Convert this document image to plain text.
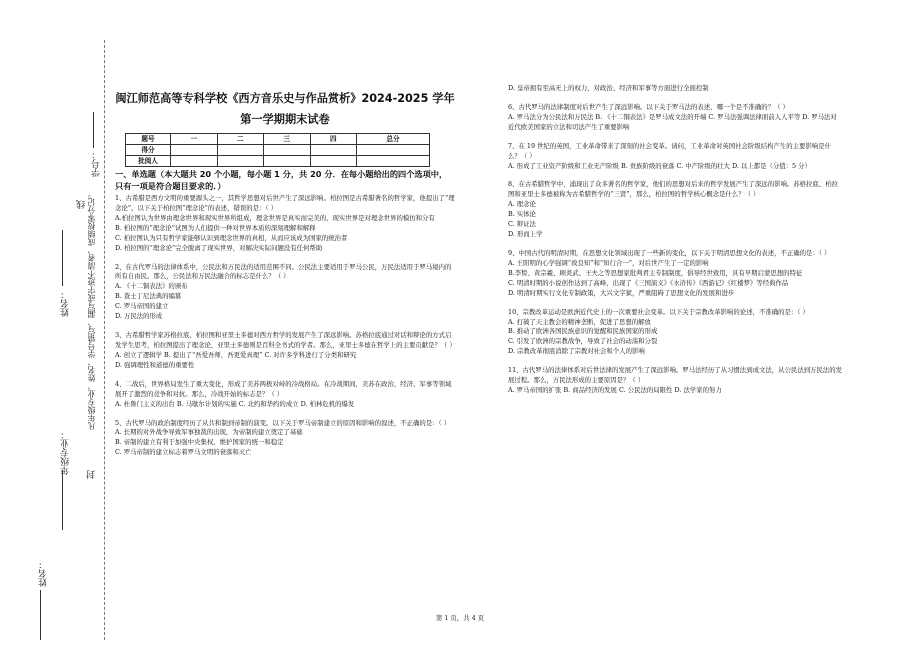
学号：
线 凡年级专业、姓名、学号错写、漏写或字迹不清者，成绩按零分记。
姓名：
年级专业： 封
姓名：
闽江师范高等专科学校《西方音乐史与作品赏析》2024-2025 学年
第一学期期末试卷
题号	一	二	三	四	总分
得分					
批阅人					
一、单选题（本大题共 20 个小题，每小题 1 分，共 20 分．在每小题给出的四个选项中，只有一项是符合题目要求的．）

1、古希腊是西方文明的重要源头之一，其哲学思想对后世产生了深远影响。柏拉图是古希腊著名的哲学家，他提出了“理念论”。以下关于柏拉图“理念论”的表述，错误的是：（ ）

A.柏拉图认为世界由理念世界和现实世界所组成，理念世界是真实而完美的，现实世界是对理念世界的模仿和分有

B. 柏拉图的“理念论”试图为人们提供一种对世界本质的深刻理解和解释

C. 柏拉图认为只有哲学家能够认识到理念世界的真相，从而应该成为国家的统治者

D. 柏拉图的“理念论”完全脱离了现实世界，对解决实际问题没有任何帮助

2、在古代罗马的法律体系中，公民法和万民法的适用范围不同。公民法主要适用于罗马公民，万民法适用于罗马境内的所有自由民。那么，公民法和万民法融合的标志是什么？（ ）

A. 《十二铜表法》的颁布

B. 查士丁尼法典的编纂

C. 罗马帝国的建立

D. 万民法的形成

3、古希腊哲学家苏格拉底、柏拉图和亚里士多德对西方哲学的发展产生了深远影响。苏格拉底通过对话和辩论的方式启发学生思考，柏拉图提出了理念论，亚里士多德则是百科全书式的学者。那么，亚里士多德在哲学上的主要贡献是？（ ）

A. 创立了逻辑学 B. 提出了“吾爱吾师，吾更爱真理” C. 对许多学科进行了分类和研究

D. 强调理性和道德的重要性

4、二战后，世界格局发生了重大变化，形成了美苏两极对峙的冷战格局。在冷战期间，美苏在政治、经济、军事等领域展开了激烈的竞争和对抗。那么，冷战开始的标志是？（ ）

A. 杜鲁门主义的出台 B. 马歇尔计划的实施 C. 北约和华约的成立 D. 柏林危机的爆发

5、古代罗马的政治制度经历了从共和制到帝制的演变。以下关于罗马帝制建立的原因和影响的叙述，不正确的是：（ ）

A. 长期的对外战争导致军事独裁的出现，为帝制的建立奠定了基础

B. 帝制的建立有利于加强中央集权，维护国家的统一和稳定

C. 罗马帝制的建立标志着罗马文明的衰落和灭亡

D. 皇帝拥有至高无上的权力，对政治、经济和军事等方面进行全面控制

6、古代罗马的法律制度对后世产生了深远影响。以下关于罗马法的表述，哪一个是不准确的？（ ）

A. 罗马法分为公民法和万民法 B. 《十二铜表法》是罗马成文法的开端 C. 罗马法强调法律面前人人平等 D. 罗马法对近代欧美国家的立法和司法产生了重要影响

7、在 19 世纪的英国，工业革命带来了深刻的社会变革。请问，工业革命对英国社会阶级结构产生的主要影响是什么？（ ）

A. 形成了工业资产阶级和工业无产阶级 B. 贵族阶级的衰落 C. 中产阶级的壮大 D. 以上都是（分值：5 分）

8、在古希腊哲学中，涌现出了众多著名的哲学家，他们的思想对后来的哲学发展产生了深远的影响。苏格拉底、柏拉图和亚里士多德被称为古希腊哲学的“三贤”，那么，柏拉图的哲学核心概念是什么？（ ）

A. 理念论

B. 实体论

C. 辩证法

D. 形而上学

9、中国古代的明清时期，在思想文化领域出现了一些新的变化，以下关于明清思想文化的表述，不正确的是：（ ）

A. 王阳明的心学强调“致良知”和“知行合一”，对后世产生了一定的影响

B.李贽、黄宗羲、顾炎武、王夫之等思想家批判君主专制制度，倡导经世致用，具有早期启蒙思想的特征

C. 明清时期的小说创作达到了高峰，出现了《三国演义》《水浒传》《西游记》《红楼梦》等经典作品

D. 明清时期实行文化专制政策，大兴文字狱，严重阻碍了思想文化的发展和进步

10、宗教改革运动是欧洲近代史上的一次重要社会变革。以下关于宗教改革影响的论述，不准确的是：（ ）

A. 打破了天主教会的精神垄断，促进了思想的解放

B. 推动了欧洲各国民族意识的觉醒和民族国家的形成

C. 引发了欧洲的宗教战争，导致了社会的动荡和分裂

D. 宗教改革彻底消除了宗教对社会和个人的影响

11、古代罗马的法律体系对后世法律的发展产生了深远影响。罗马法经历了从习惯法到成文法，从公民法到万民法的发展过程。那么，万民法形成的主要原因是？（ ）

A. 罗马帝国的扩张 B. 商品经济的发展 C. 公民法的局限性 D. 法学家的努力

第 1 页，共 4 页
